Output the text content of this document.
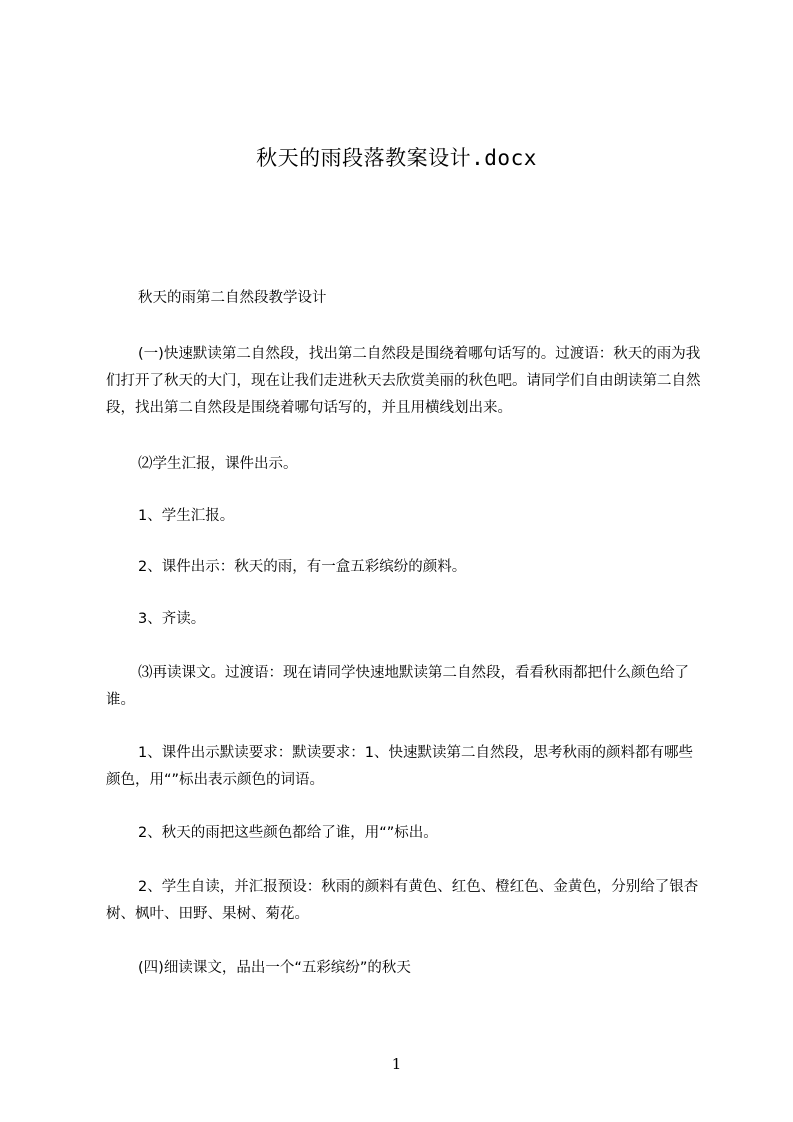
秋天的雨段落教案设计.docx
秋天的雨第二自然段教学设计
(一)快速默读第二自然段，找出第二自然段是围绕着哪句话写的。过渡语：秋天的雨为我们打开了秋天的大门，现在让我们走进秋天去欣赏美丽的秋色吧。请同学们自由朗读第二自然段，找出第二自然段是围绕着哪句话写的，并且用横线划出来。
⑵学生汇报，课件出示。
1、学生汇报。
2、课件出示：秋天的雨，有一盒五彩缤纷的颜料。
3、齐读。
⑶再读课文。过渡语：现在请同学快速地默读第二自然段，看看秋雨都把什么颜色给了谁。
1、课件出示默读要求：默读要求：1、快速默读第二自然段，思考秋雨的颜料都有哪些颜色，用“”标出表示颜色的词语。
2、秋天的雨把这些颜色都给了谁，用“”标出。
2、学生自读，并汇报预设：秋雨的颜料有黄色、红色、橙红色、金黄色，分别给了银杏树、枫叶、田野、果树、菊花。
(四)细读课文，品出一个“五彩缤纷”的秋天
1
